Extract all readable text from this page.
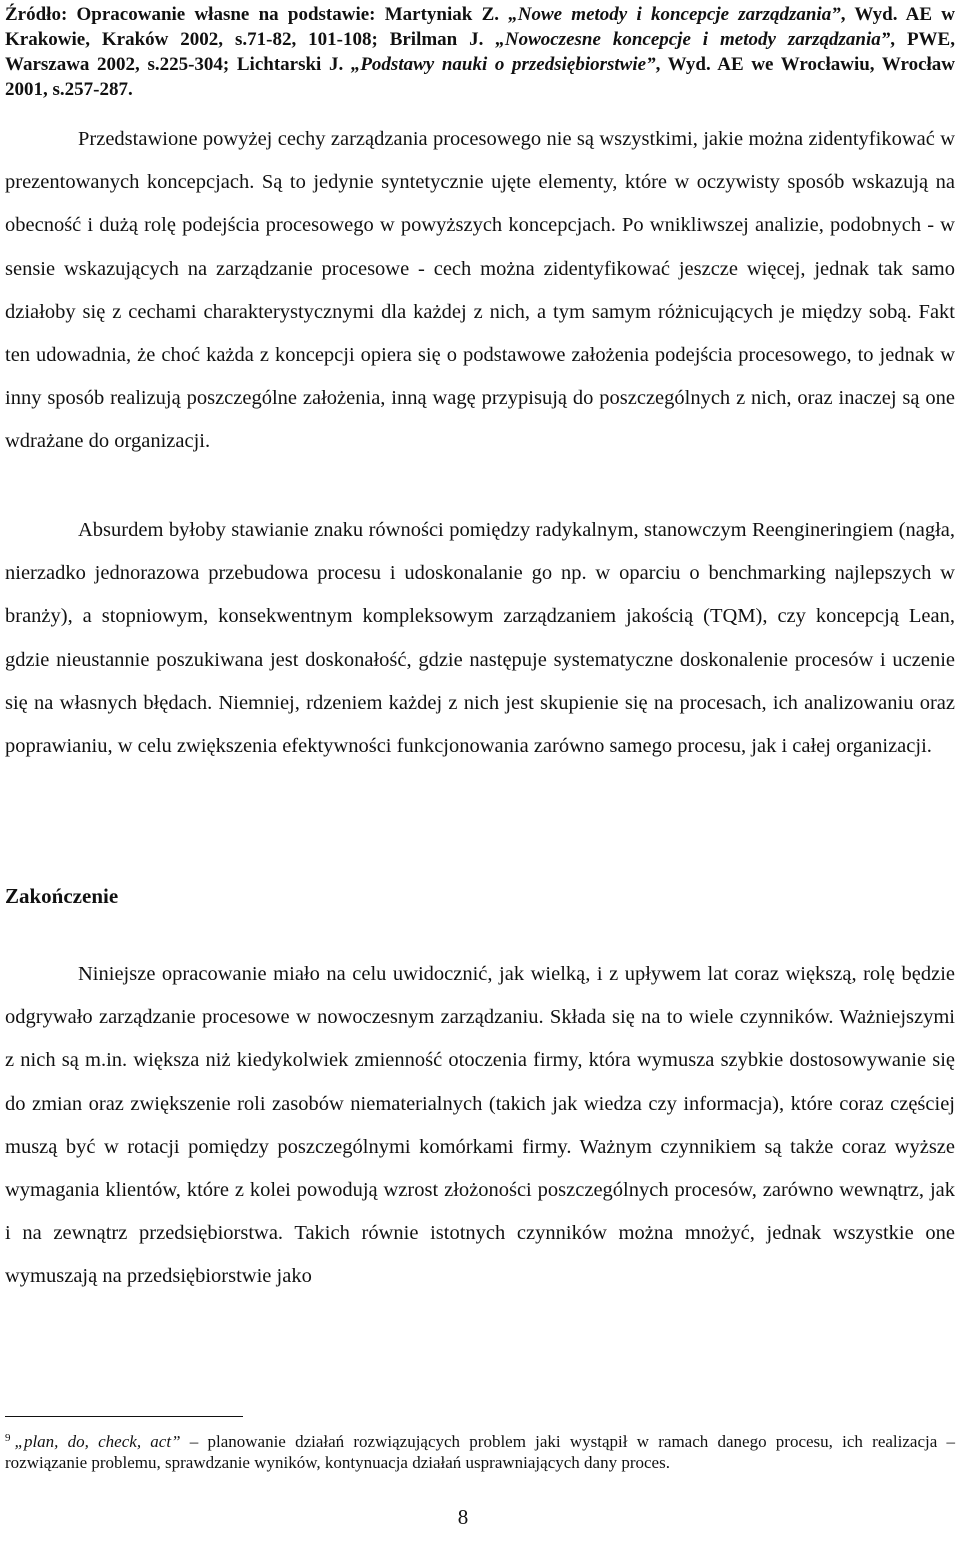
Źródło: Opracowanie własne na podstawie: Martyniak Z. „Nowe metody i koncepcje zarządzania”, Wyd. AE w Krakowie, Kraków 2002, s.71-82, 101-108; Brilman J. „Nowoczesne koncepcje i metody zarządzania”, PWE, Warszawa 2002, s.225-304; Lichtarski J. „Podstawy nauki o przedsiębiorstwie”, Wyd. AE we Wrocławiu, Wrocław 2001, s.257-287.

Przedstawione powyżej cechy zarządzania procesowego nie są wszystkimi, jakie można zidentyfikować w prezentowanych koncepcjach. Są to jedynie syntetycznie ujęte elementy, które w oczywisty sposób wskazują na obecność i dużą rolę podejścia procesowego w powyższych koncepcjach. Po wnikliwszej analizie, podobnych - w sensie wskazujących na zarządzanie procesowe - cech można zidentyfikować jeszcze więcej, jednak tak samo działoby się z cechami charakterystycznymi dla każdej z nich, a tym samym różnicujących je między sobą. Fakt ten udowadnia, że choć każda z koncepcji opiera się o podstawowe założenia podejścia procesowego, to jednak w inny sposób realizują poszczególne założenia, inną wagę przypisują do poszczególnych z nich, oraz inaczej są one wdrażane do organizacji.

Absurdem byłoby stawianie znaku równości pomiędzy radykalnym, stanowczym Reengineringiem (nagła, nierzadko jednorazowa przebudowa procesu i udoskonalanie go np. w oparciu o benchmarking najlepszych w branży), a stopniowym, konsekwentnym kompleksowym zarządzaniem jakością (TQM), czy koncepcją Lean, gdzie nieustannie poszukiwana jest doskonałość, gdzie następuje systematyczne doskonalenie procesów i uczenie się na własnych błędach. Niemniej, rdzeniem każdej z nich jest skupienie się na procesach, ich analizowaniu oraz poprawianiu, w celu zwiększenia efektywności funkcjonowania zarówno samego procesu, jak i całej organizacji.

Zakończenie

Niniejsze opracowanie miało na celu uwidocznić, jak wielką, i z upływem lat coraz większą, rolę będzie odgrywało zarządzanie procesowe w nowoczesnym zarządzaniu. Składa się na to wiele czynników. Ważniejszymi z nich są m.in. większa niż kiedykolwiek zmienność otoczenia firmy, która wymusza szybkie dostosowywanie się do zmian oraz zwiększenie roli zasobów niematerialnych (takich jak wiedza czy informacja), które coraz częściej muszą być w rotacji pomiędzy poszczególnymi komórkami firmy. Ważnym czynnikiem są także coraz wyższe wymagania klientów, które z kolei powodują wzrost złożoności poszczególnych procesów, zarówno wewnątrz, jak i na zewnątrz przedsiębiorstwa. Takich równie istotnych czynników można mnożyć, jednak wszystkie one wymuszają na przedsiębiorstwie jako

$^9$ „plan, do, check, act” – planowanie działań rozwiązujących problem jaki wystąpił w ramach danego procesu, ich realizacja – rozwiązanie problemu, sprawdzanie wyników, kontynuacja działań usprawniających dany proces.

8
